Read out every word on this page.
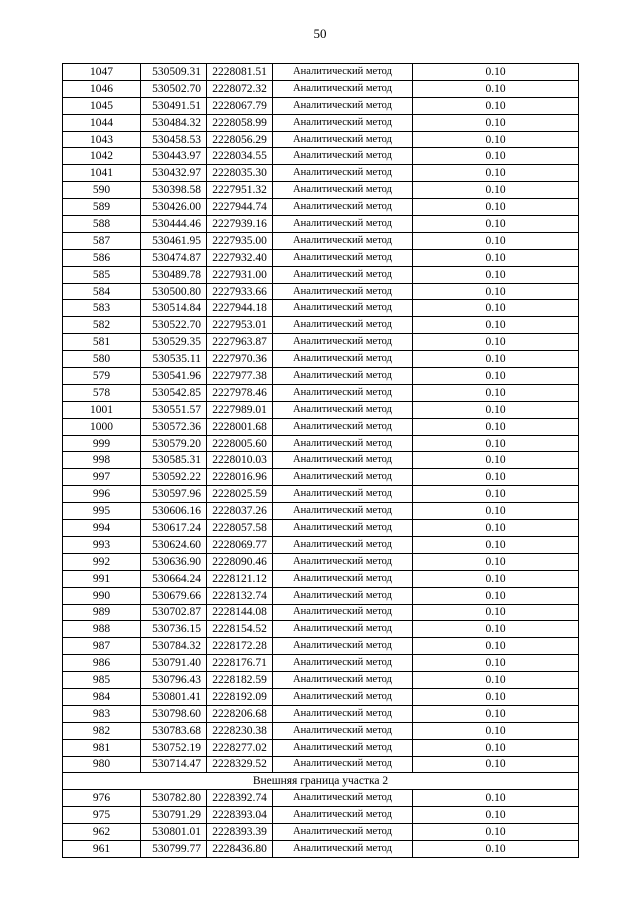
50
1047	530509.31	2228081.51	Аналитический метод	0.10
1046	530502.70	2228072.32	Аналитический метод	0.10
1045	530491.51	2228067.79	Аналитический метод	0.10
1044	530484.32	2228058.99	Аналитический метод	0.10
1043	530458.53	2228056.29	Аналитический метод	0.10
1042	530443.97	2228034.55	Аналитический метод	0.10
1041	530432.97	2228035.30	Аналитический метод	0.10
590	530398.58	2227951.32	Аналитический метод	0.10
589	530426.00	2227944.74	Аналитический метод	0.10
588	530444.46	2227939.16	Аналитический метод	0.10
587	530461.95	2227935.00	Аналитический метод	0.10
586	530474.87	2227932.40	Аналитический метод	0.10
585	530489.78	2227931.00	Аналитический метод	0.10
584	530500.80	2227933.66	Аналитический метод	0.10
583	530514.84	2227944.18	Аналитический метод	0.10
582	530522.70	2227953.01	Аналитический метод	0.10
581	530529.35	2227963.87	Аналитический метод	0.10
580	530535.11	2227970.36	Аналитический метод	0.10
579	530541.96	2227977.38	Аналитический метод	0.10
578	530542.85	2227978.46	Аналитический метод	0.10
1001	530551.57	2227989.01	Аналитический метод	0.10
1000	530572.36	2228001.68	Аналитический метод	0.10
999	530579.20	2228005.60	Аналитический метод	0.10
998	530585.31	2228010.03	Аналитический метод	0.10
997	530592.22	2228016.96	Аналитический метод	0.10
996	530597.96	2228025.59	Аналитический метод	0.10
995	530606.16	2228037.26	Аналитический метод	0.10
994	530617.24	2228057.58	Аналитический метод	0.10
993	530624.60	2228069.77	Аналитический метод	0.10
992	530636.90	2228090.46	Аналитический метод	0.10
991	530664.24	2228121.12	Аналитический метод	0.10
990	530679.66	2228132.74	Аналитический метод	0.10
989	530702.87	2228144.08	Аналитический метод	0.10
988	530736.15	2228154.52	Аналитический метод	0.10
987	530784.32	2228172.28	Аналитический метод	0.10
986	530791.40	2228176.71	Аналитический метод	0.10
985	530796.43	2228182.59	Аналитический метод	0.10
984	530801.41	2228192.09	Аналитический метод	0.10
983	530798.60	2228206.68	Аналитический метод	0.10
982	530783.68	2228230.38	Аналитический метод	0.10
981	530752.19	2228277.02	Аналитический метод	0.10
980	530714.47	2228329.52	Аналитический метод	0.10
Внешняя граница участка 2				
976	530782.80	2228392.74	Аналитический метод	0.10
975	530791.29	2228393.04	Аналитический метод	0.10
962	530801.01	2228393.39	Аналитический метод	0.10
961	530799.77	2228436.80	Аналитический метод	0.10
